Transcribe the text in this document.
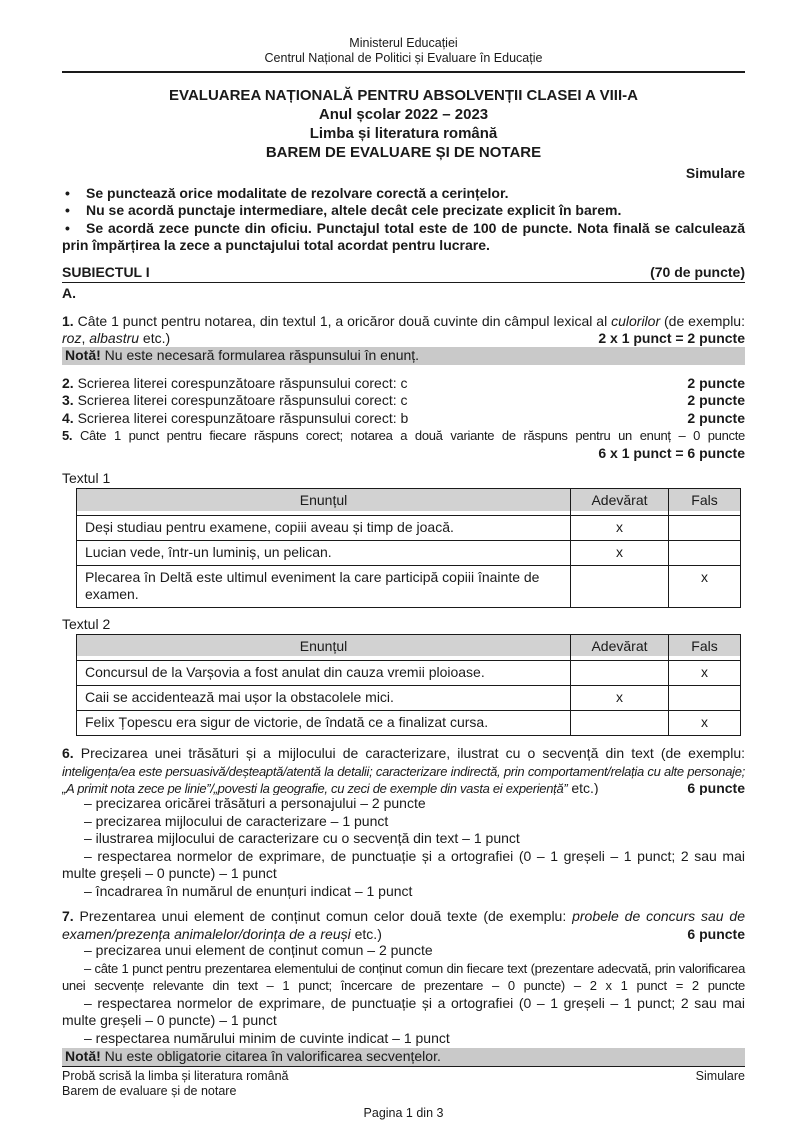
Ministerul Educației
Centrul Național de Politici și Evaluare în Educație
EVALUAREA NAȚIONALĂ PENTRU ABSOLVENȚII CLASEI A VIII-A
Anul școlar 2022 – 2023
Limba și literatura română
BAREM DE EVALUARE ȘI DE NOTARE
Simulare
• Se punctează orice modalitate de rezolvare corectă a cerințelor.
• Nu se acordă punctaje intermediare, altele decât cele precizate explicit în barem.
• Se acordă zece puncte din oficiu. Punctajul total este de 100 de puncte. Nota finală se calculează prin împărțirea la zece a punctajului total acordat pentru lucrare.
SUBIECTUL I	(70 de puncte)
A.
1. Câte 1 punct pentru notarea, din textul 1, a oricăror două cuvinte din câmpul lexical al culorilor (de exemplu: roz, albastru etc.)	2 x 1 punct = 2 puncte
Notă! Nu este necesară formularea răspunsului în enunț.
2. Scrierea literei corespunzătoare răspunsului corect: c	2 puncte
3. Scrierea literei corespunzătoare răspunsului corect: c	2 puncte
4. Scrierea literei corespunzătoare răspunsului corect: b	2 puncte
5. Câte 1 punct pentru fiecare răspuns corect; notarea a două variante de răspuns pentru un enunț – 0 puncte
6 x 1 punct = 6 puncte
Textul 1
Enunțul	Adevărat	Fals

Deși studiau pentru examene, copiii aveau și timp de joacă.	x	
Lucian vede, într-un luminiș, un pelican.	x	
Plecarea în Deltă este ultimul eveniment la care participă copiii înainte de examen.		x
Textul 2
Enunțul	Adevărat	Fals

Concursul de la Varșovia a fost anulat din cauza vremii ploioase.		x
Caii se accidentează mai ușor la obstacolele mici.	x	
Felix Țopescu era sigur de victorie, de îndată ce a finalizat cursa.		x
6. Precizarea unei trăsături și a mijlocului de caracterizare, ilustrat cu o secvență din text (de exemplu: inteligența/ea este persuasivă/deșteaptă/atentă la detalii; caracterizare indirectă, prin comportament/relația cu alte personaje; „A primit nota zece pe linie”/„povesti la geografie, cu zeci de exemple din vasta ei experiență” etc.)	6 puncte
– precizarea oricărei trăsături a personajului – 2 puncte
– precizarea mijlocului de caracterizare – 1 punct
– ilustrarea mijlocului de caracterizare cu o secvență din text – 1 punct
– respectarea normelor de exprimare, de punctuație și a ortografiei (0 – 1 greșeli – 1 punct; 2 sau mai multe greșeli – 0 puncte) – 1 punct
– încadrarea în numărul de enunțuri indicat – 1 punct
7. Prezentarea unui element de conținut comun celor două texte (de exemplu: probele de concurs sau de examen/prezența animalelor/dorința de a reuși etc.)	6 puncte
– precizarea unui element de conținut comun – 2 puncte
– câte 1 punct pentru prezentarea elementului de conținut comun din fiecare text (prezentare adecvată, prin valorificarea unei secvențe relevante din text – 1 punct; încercare de prezentare – 0 puncte) – 2 x 1 punct = 2 puncte
– respectarea normelor de exprimare, de punctuație și a ortografiei (0 – 1 greșeli – 1 punct; 2 sau mai multe greșeli – 0 puncte) – 1 punct
– respectarea numărului minim de cuvinte indicat – 1 punct
Notă! Nu este obligatorie citarea în valorificarea secvențelor.
Probă scrisă la limba și literatura română
Barem de evaluare și de notare
Simulare
Pagina 1 din 3
